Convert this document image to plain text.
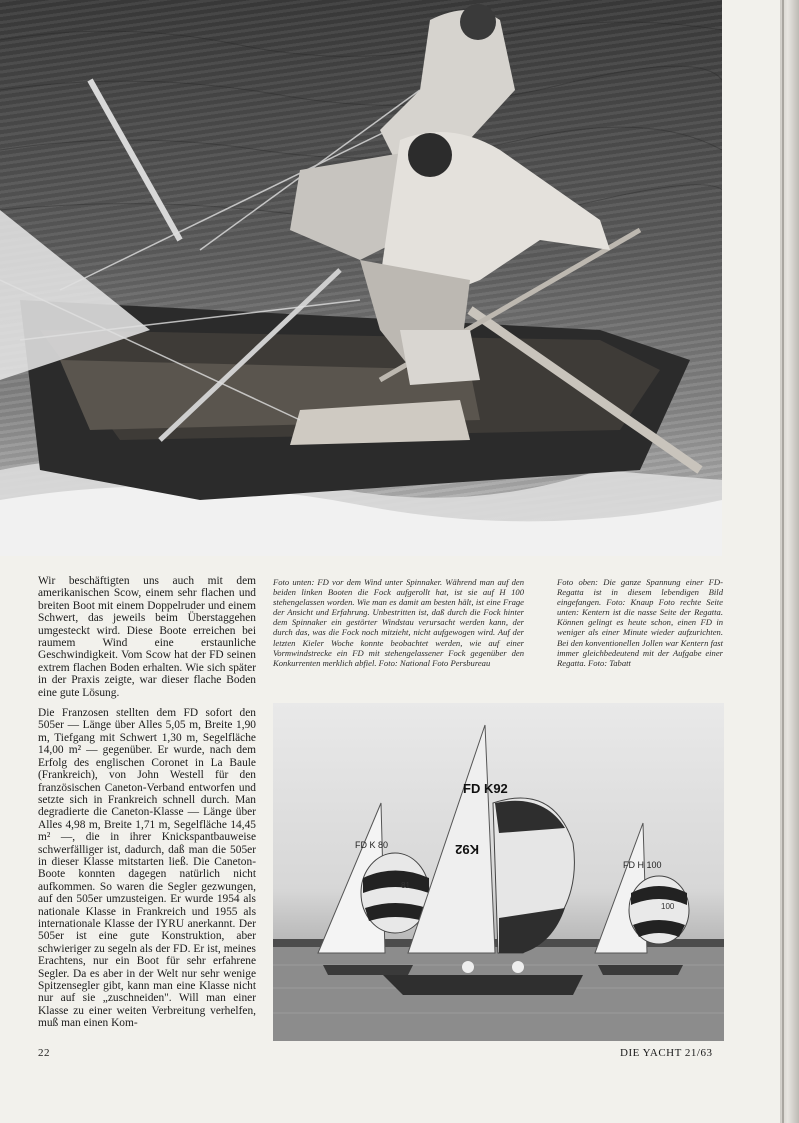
Wir beschäftigten uns auch mit dem amerikanischen Scow, einem sehr flachen und breiten Boot mit einem Doppelruder und einem Schwert, das jeweils beim Überstaggehen umgesteckt wird. Diese Boote erreichen bei raumem Wind eine erstaunliche Geschwindigkeit. Vom Scow hat der FD seinen extrem flachen Boden erhalten. Wie sich später in der Praxis zeigte, war dieser flache Boden eine gute Lösung.

Die Franzosen stellten dem FD sofort den 505er — Länge über Alles 5,05 m, Breite 1,90 m, Tiefgang mit Schwert 1,30 m, Segelfläche 14,00 m² — gegenüber. Er wurde, nach dem Erfolg des englischen Coronet in La Baule (Frankreich), von John Westell für den französischen Caneton-Verband entworfen und setzte sich in Frankreich schnell durch. Man degradierte die Caneton-Klasse — Länge über Alles 4,98 m, Breite 1,71 m, Segelfläche 14,45 m² —, die in ihrer Knickspantbauweise schwerfälliger ist, dadurch, daß man die 505er in dieser Klasse mitstarten ließ. Die Caneton-Boote konnten dagegen natürlich nicht aufkommen. So waren die Segler gezwungen, auf den 505er umzusteigen. Er wurde 1954 als nationale Klasse in Frankreich und 1955 als internationale Klasse der IYRU anerkannt. Der 505er ist eine gute Konstruktion, aber schwieriger zu segeln als der FD. Er ist, meines Erachtens, nur ein Boot für sehr erfahrene Segler. Da es aber in der Welt nur sehr wenige Spitzensegler gibt, kann man eine Klasse nicht nur auf sie „zuschneiden". Will man einer Klasse zu einer weiten Verbreitung verhelfen, muß man einen Kom-

Foto unten: FD vor dem Wind unter Spinnaker. Während man auf den beiden linken Booten die Fock aufgerollt hat, ist sie auf H 100 stehengelassen worden. Wie man es damit am besten hält, ist eine Frage der Ansicht und Erfahrung. Unbestritten ist, daß durch die Fock hinter dem Spinnaker ein gestörter Windstau verursacht werden kann, der durch das, was die Fock noch mitzieht, nicht aufgewogen wird. Auf der letzten Kieler Woche konnte beobachtet werden, wie auf einer Vormwindstrecke ein FD mit stehengelassener Fock gegenüber den Konkurrenten merklich abfiel. Foto: National Foto Persbureau
Foto oben: Die ganze Spannung einer FD-Regatta ist in diesem lebendigen Bild eingefangen. Foto: Knaup Foto rechte Seite unten: Kentern ist die nasse Seite der Regatta. Können gelingt es heute schon, einen FD in weniger als einer Minute wieder aufzurichten. Bei den konventionellen Jollen war Kentern fast immer gleichbedeutend mit der Aufgabe einer Regatta. Foto: Tabatt
FD K 80
81
FD K92
K92
FD H 100
100
22	DIE YACHT 21/63
